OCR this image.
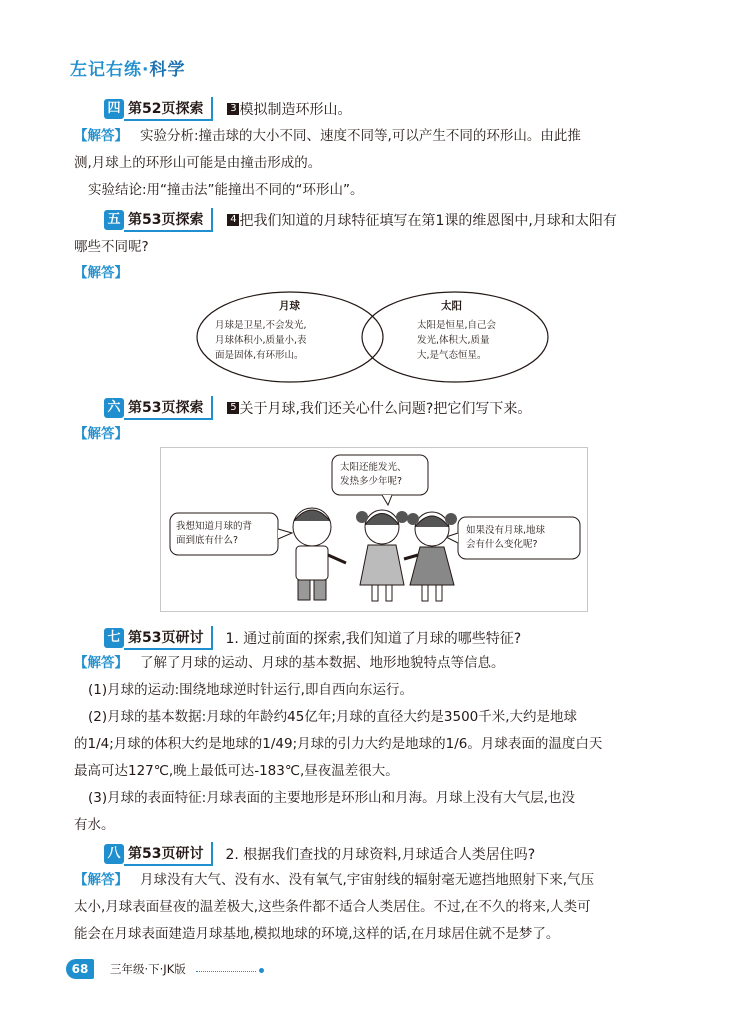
左记右练·科学
四 第52页探索	3 模拟制造环形山。
【解答】 实验分析:撞击球的大小不同、速度不同等,可以产生不同的环形山。由此推
测,月球上的环形山可能是由撞击形成的。
实验结论:用“撞击法”能撞出不同的“环形山”。
五 第53页探索	4 把我们知道的月球特征填写在第1课的维恩图中,月球和太阳有
哪些不同呢?
【解答】
月球
月球是卫星,不会发光,
月球体积小,质量小,表
面是固体,有环形山。
太阳
太阳是恒星,自己会
发光,体积大,质量
大,是气态恒星。
六 第53页探索	5 关于月球,我们还关心什么问题?把它们写下来。
【解答】
我想知道月球的背
面到底有什么?
太阳还能发光、
发热多少年呢?
如果没有月球,地球
会有什么变化呢?
七 第53页研讨 1. 通过前面的探索,我们知道了月球的哪些特征?
【解答】 了解了月球的运动、月球的基本数据、地形地貌特点等信息。
(1)月球的运动:围绕地球逆时针运行,即自西向东运行。
(2)月球的基本数据:月球的年龄约45亿年;月球的直径大约是3500千米,大约是地球
的1/4;月球的体积大约是地球的1/49;月球的引力大约是地球的1/6。月球表面的温度白天
最高可达127℃,晚上最低可达-183℃,昼夜温差很大。
(3)月球的表面特征:月球表面的主要地形是环形山和月海。月球上没有大气层,也没
有水。
八 第53页研讨 2. 根据我们查找的月球资料,月球适合人类居住吗?
【解答】 月球没有大气、没有水、没有氧气,宇宙射线的辐射毫无遮挡地照射下来,气压
太小,月球表面昼夜的温差极大,这些条件都不适合人类居住。不过,在不久的将来,人类可
能会在月球表面建造月球基地,模拟地球的环境,这样的话,在月球居住就不是梦了。
68	三年级·下·JK版
